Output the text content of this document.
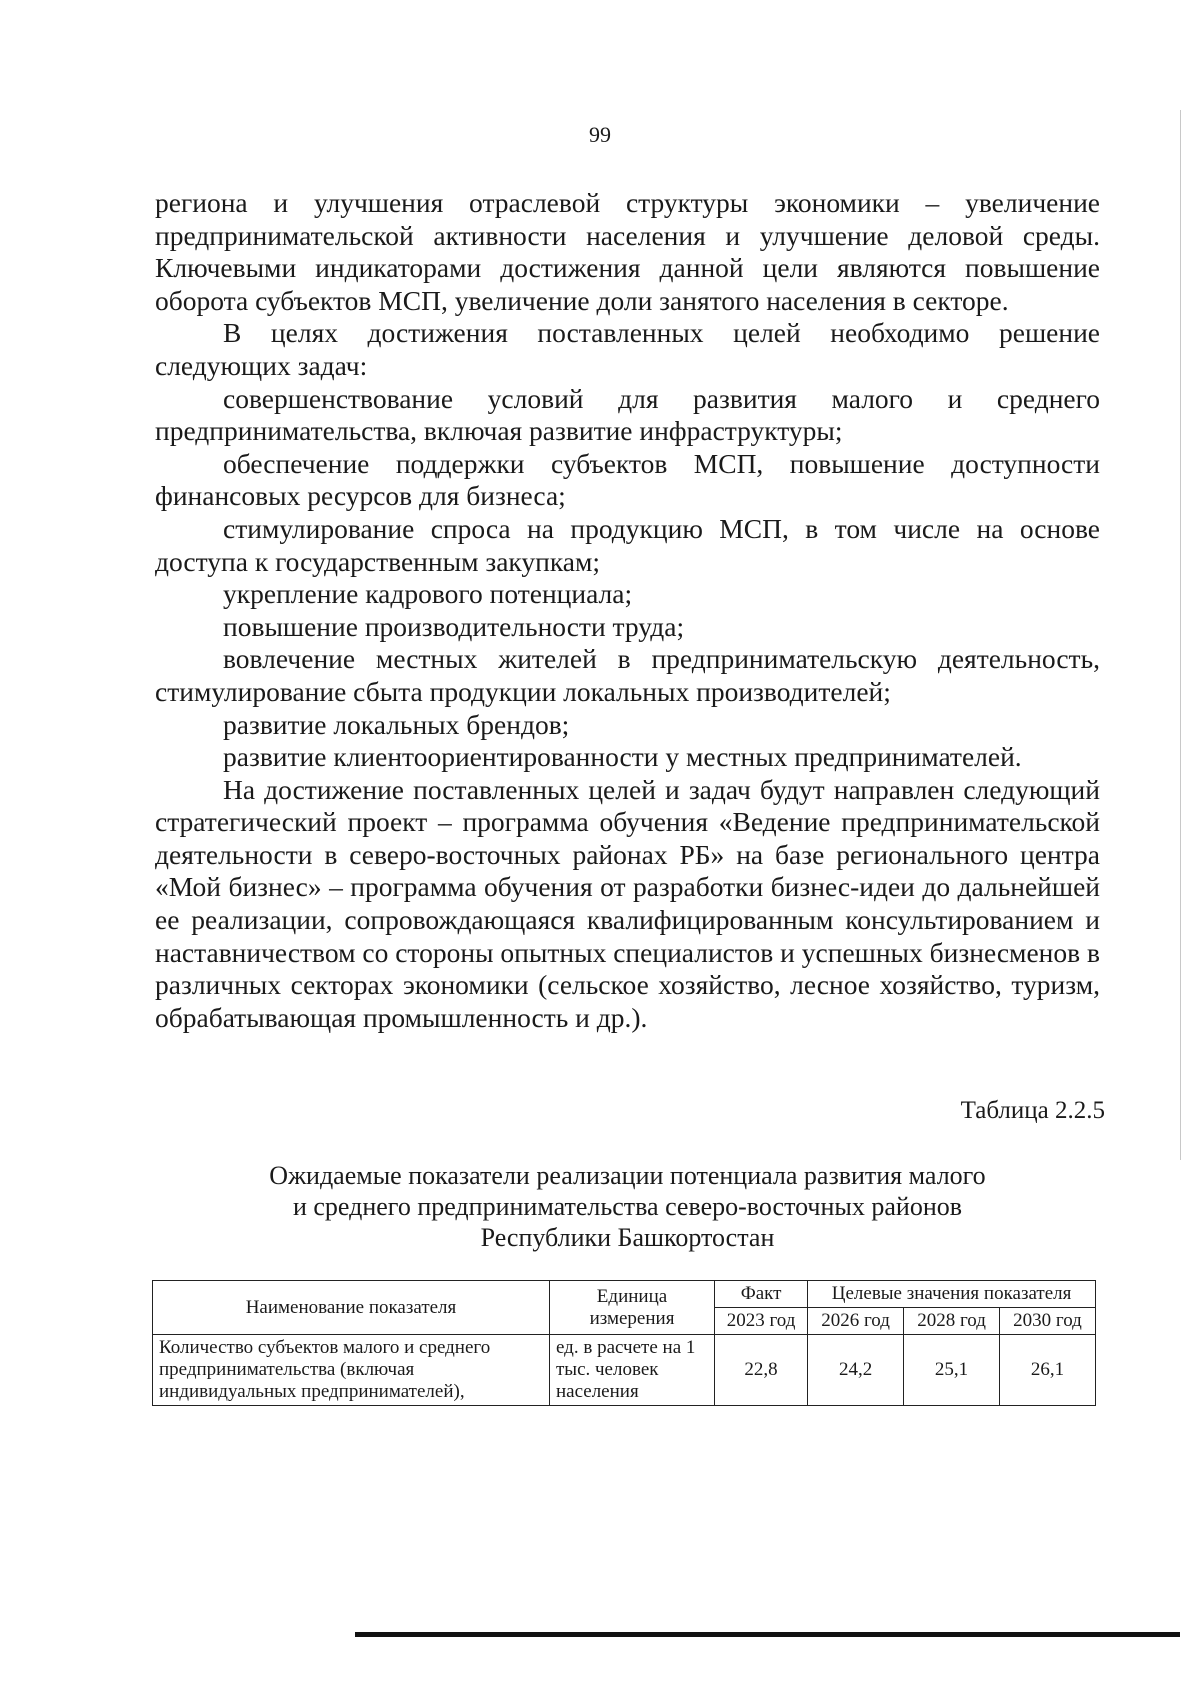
99

региона и улучшения отраслевой структуры экономики – увеличение предпринимательской активности населения и улучшение деловой среды. Ключевыми индикаторами достижения данной цели являются повышение оборота субъектов МСП, увеличение доли занятого населения в секторе.

В целях достижения поставленных целей необходимо решение следующих задач:

совершенствование условий для развития малого и среднего предпринимательства, включая развитие инфраструктуры;

обеспечение поддержки субъектов МСП, повышение доступности финансовых ресурсов для бизнеса;

стимулирование спроса на продукцию МСП, в том числе на основе доступа к государственным закупкам;

укрепление кадрового потенциала;

повышение производительности труда;

вовлечение местных жителей в предпринимательскую деятельность, стимулирование сбыта продукции локальных производителей;

развитие локальных брендов;

развитие клиентоориентированности у местных предпринимателей.

На достижение поставленных целей и задач будут направлен следующий стратегический проект – программа обучения «Ведение предпринимательской деятельности в северо-восточных районах РБ» на базе регионального центра «Мой бизнес» – программа обучения от разработки бизнес-идеи до дальнейшей ее реализации, сопровождающаяся квалифицированным консультированием и наставничеством со стороны опытных специалистов и успешных бизнесменов в различных секторах экономики (сельское хозяйство, лесное хозяйство, туризм, обрабатывающая промышленность и др.).

Таблица 2.2.5
Ожидаемые показатели реализации потенциала развития малого
и среднего предпринимательства северо-восточных районов
Республики Башкортостан
Наименование показателя	Единица измерения	Факт	Целевые значения показателя		
		2023 год	2026 год	2028 год	2030 год
Количество субъектов малого и среднего предпринимательства (включая индивидуальных предпринимателей),	ед. в расчете на 1 тыс. человек населения	22,8	24,2	25,1	26,1
